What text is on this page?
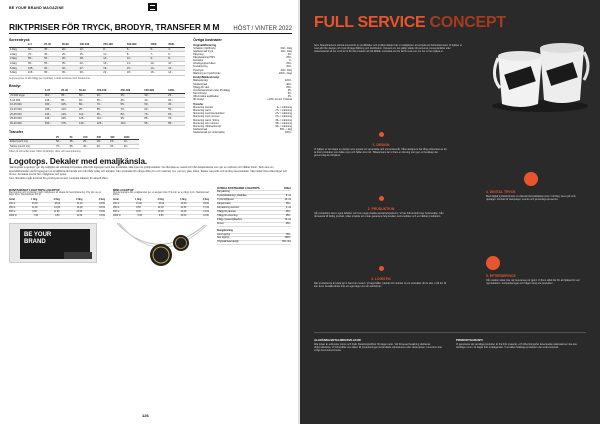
BE YOUR BRAND MAGAZINE
RIKTPRISER FÖR TRYCK, BRODYR, TRANSFER M M HÖST / VINTER 2022
Screentryck
	0-4	25-49	50-99	100-249	250-499	500-999	1000-	2500-
1-färg	60:-	35:-	20:-	12:-	8:-	6:-	5:-	4:-
2-färg	75:-	45:-	25:-	15:-	11:-	8:-	7:-	6:-
3-färg	85:-	50:-	30:-	18:-	14:-	10:-	9:-	8:-
4-färg	95:-	55:-	35:-	22:-	16:-	13:-	12:-	10:-
5-färg	105:-	60:-	40:-	27:-	19:-	15:-	14:-	12:-
6-färg	115:-	65:-	45:-	30:-	22:-	18:-	16:-	14:-
Angivna priser är alla tillägg per tryck/färg. Lokala avvikelser kan förekomma.
Brodyr
	1-24	25-49	50-99	100-249	250-499	500-999	1000-
<5 000 stygn	110:-	65:-	50:-	40:-	35:-	30:-	25:-
5-10 000	135:-	85:-	65:-	55:-	45:-	40:-	35:-
10-15 000	160:-	105:-	80:-	70:-	55:-	50:-	45:-
15-20 000	185:-	120:-	95:-	85:-	70:-	60:-	55:-
20-25 000	210:-	140:-	110:-	95:-	80:-	70:-	65:-
25-30 000	235:-	155:-	125:-	110:-	95:-	85:-	75:-
30-40 000	260:-	175:-	140:-	125:-	110:-	95:-	85:-
Transfer
	25	50	100	200	400	1000
Enkel (ca 5 cm)	50:-	35:-	25:-	18:-	15:-	12:-
Större (ca 10 cm)	75:-	55:-	40:-	30:-	25:-	20:-
Offert på större/fler antal. Offert på färdiga, vikta- och lasermärkning.
Övriga kostnader
Original/Montering
Schablon Vid Brodyr	600:- /färg
Startkostnad tryck	400:- /färg
Påsyning	60:-
Påsydetalning PMS	250:-
Korrektur	0:-
Arbetsgrupper/vikter	250:-
Textskrivning	400:-
Provtryck	400:- /färg
Märkning av tryck/broder	1000:- /logo
Brodyr/Märkesbrodyr
Märkesbrodyr	1200:-
Stratkostnad	400:-
Tillägg för vävt	250:-
Omstartskostnad under 25 tillägg	35:-
Namnbrodyr	60:-
Offertmärke applikation	35:-
3D brodyr	+10% vid ord. Prislista
Transfer
Montering transfer	2+ / märkning
Montering namn	27+ / märkning
Montering med lasertekniker	27+ / märkning
Montering med nummer	27+ / märkning
Montering namn, Större	35+ / märkning
Montering och nummer	35+ / märkning
Montering i Märkesbrodyr	50+ / märkning
Startkostnad	500:- / färg
Startkostnad per ordermärke	1600:-
Logotops. Dekaler med emaljkänsla.
"Hamnpriser Logotops" ger dig möjlighet att utforska ett bredare utbud för logotyper som kan användas i alla typer av profilprodukter. De tillverkas av metall och hårt dekalmaterial som ger en exklusiv och hållbar finish. Tack vare sin specialtillverkade yta får logotypen en emaljliknande känsla som blir både tydlig och attraktiv. Kan användas till många olika ytor och material, t.ex. pennor, glas, kåsor, flaskor, lanyards och andra presentartiklar. Välj mellan flera olika färger och former. Kontakta oss för fler möjligheter och priser.
Som riktmärke ingår kostnad för grundtryckmoment, kontakta säljaren för aktuell offert.
RUNTANGNAT LOGOTOPS LOGOTOP
Med logotop och vinylkoder ingår möjligheten att skapa din favoritplacering. Pris inkl. av en färgs tryck. Startkostnad 400 kr.
Antal	1 färg	2 färg	3 färg	4 färg
100 st	15,00	18,00	21,00	24,00
250 st	11,00	13,50	16,00	18,50
500 st	9,50	11,50	13,50	15,50
1000 st	7,50	9,50	11,50	13,50
BE YOUR
BRAND
MINI LOGOTOP
Runda logotops där emaljkänslan ger en elegant look. Pris inkl. av en färgs tryck. Startkostnad 400 kr.
Antal	1 färg	2 färg	3 färg	4 färg
100 st	13,00	16,00	19,00	22,00
250 st	9,50	12,00	14,50	17,00
500 st	8,00	10,00	12,00	14,00
1000 st	6,50	8,50	10,50	12,50
ÖVRIGA KOSTNADER LOGOTOPS	Offert
Färgsättning
Tryck/påssättning i plastpåse	8:-/st
Tryckmöjligheter	12:-/st
Färgkorrektur	250:-
Förpackning med kort	3:-/st
Tillägg för pantone	250:-
Tillägg för extra färg	350:-
Inlägg i presentpåse/box	10:-/st
Prover	250:-
Designlösning
Liten logotyp	750:-
Stor logotyp	1500:-
Originalarbete/design	600:-/tim
126
FULL SERVICE CONCEPT
Som Skandinaviens största leverantör av profilkläder och profilprodukter har vi möjligheten att erbjuda ett helhetskoncept. Vi hjälper er med allt från design och tryck till lagerhållning och distribution. Oavsett om det gäller kläder till personal, presentartiklar eller mässmaterial så ser vi till att ni får rätt produkt vid rätt tillfälle. Kontakta oss för att få veta mer om hur vi kan hjälpa er.
1. DESIGN
Vi hjälper er att skapa en design som passar ert varumärke och era önskemål. Våra designers har lång erfarenhet av att ta fram produkter som både syns och håller över tid. Tillsammans tar vi fram en lösning som ger ert budskap det genomslag det förtjänar.
2. PRODUKTION
Vår produktion sker i egna fabriker och hos noga utvalda samarbetspartners. Vi har full kontroll över hela kedjan, från råmaterial till färdig produkt, vilket innebär att vi kan garantera hög kvalitet, korta ledtider och en hållbar produktion.
3. LOGISTIK
När produkterna är klara tar vi hand om resten. Vi lagerhåller, packar och skickar ut era produkter dit de ska, i rätt tid. Ni kan även beställa direkt från ert eget lager via vår webbshop.
4. DIGITAL TRYCK
Med digital tryckteknik kan vi erbjuda fotorealistiska motiv i full färg, även på små upplagor. Perfekt för kampanjer, events och personliga presenter.
5. EFTERSERVICE
Vår relation slutar inte när leveransen är gjord. Vi finns alltid här för att hjälpa till med nyproduktion, kompletteringar och frågor kring era produkter.
ALLMÄNNA BETALNINGSVILLKOR
Alla priser är exklusive moms och frakt. Betalningsvillkor 30 dagar netto. Vid försenad betalning debiteras dröjsmålsränta. Vi förbehåller oss rätten till prisjusteringar vid ändrade valutakurser eller råvarupriser. Leverans sker enligt överenskommelse.
PRODUKTGARANTI
Vi garanterar att samtliga produkter är fria från material- och tillverkningsfel. Eventuella reklamationer ska ske skriftligen inom 14 dagar från mottagandet. Vi ersätter felaktiga produkter utan extra kostnad.
